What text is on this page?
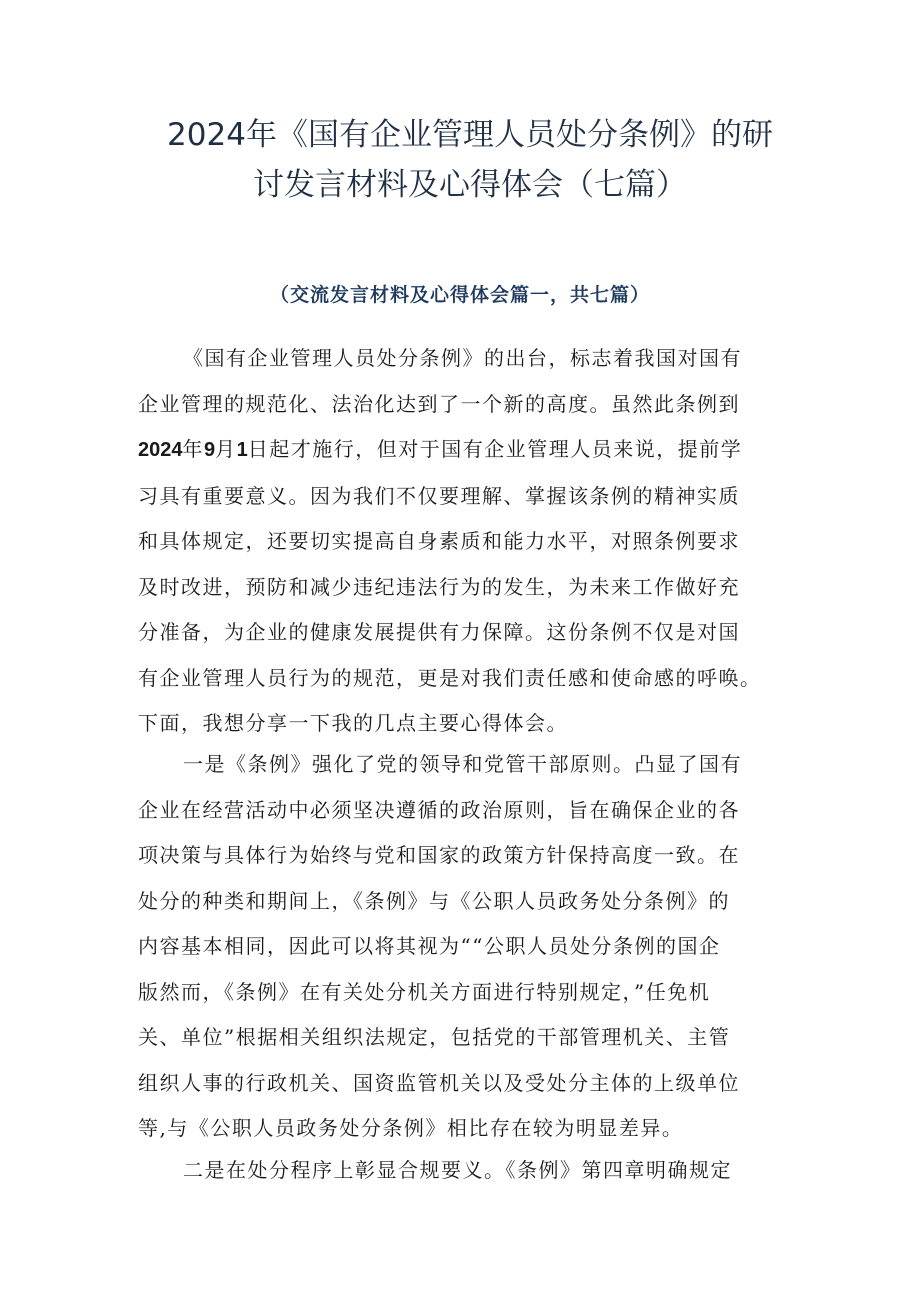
2024年《国有企业管理人员处分条例》的研
讨发言材料及心得体会（七篇）
（交流发言材料及心得体会篇一，共七篇）
《国有企业管理人员处分条例》的出台，标志着我国对国有
企业管理的规范化、法治化达到了一个新的高度。虽然此条例到
2024年9月1日起才施行，但对于国有企业管理人员来说，提前学
习具有重要意义。因为我们不仅要理解、掌握该条例的精神实质
和具体规定，还要切实提高自身素质和能力水平，对照条例要求
及时改进，预防和减少违纪违法行为的发生，为未来工作做好充
分准备，为企业的健康发展提供有力保障。这份条例不仅是对国
有企业管理人员行为的规范，更是对我们责任感和使命感的呼唤。
下面，我想分享一下我的几点主要心得体会。
一是《条例》强化了党的领导和党管干部原则。凸显了国有
企业在经营活动中必须坚决遵循的政治原则，旨在确保企业的各
项决策与具体行为始终与党和国家的政策方针保持高度一致。在
处分的种类和期间上，《条例》与《公职人员政务处分条例》的
内容基本相同，因此可以将其视为““公职人员处分条例的国企
版然而，《条例》在有关处分机关方面进行特别规定，”任免机
关、单位”根据相关组织法规定，包括党的干部管理机关、主管
组织人事的行政机关、国资监管机关以及受处分主体的上级单位
等,与《公职人员政务处分条例》相比存在较为明显差异。
二是在处分程序上彰显合规要义。《条例》第四章明确规定
